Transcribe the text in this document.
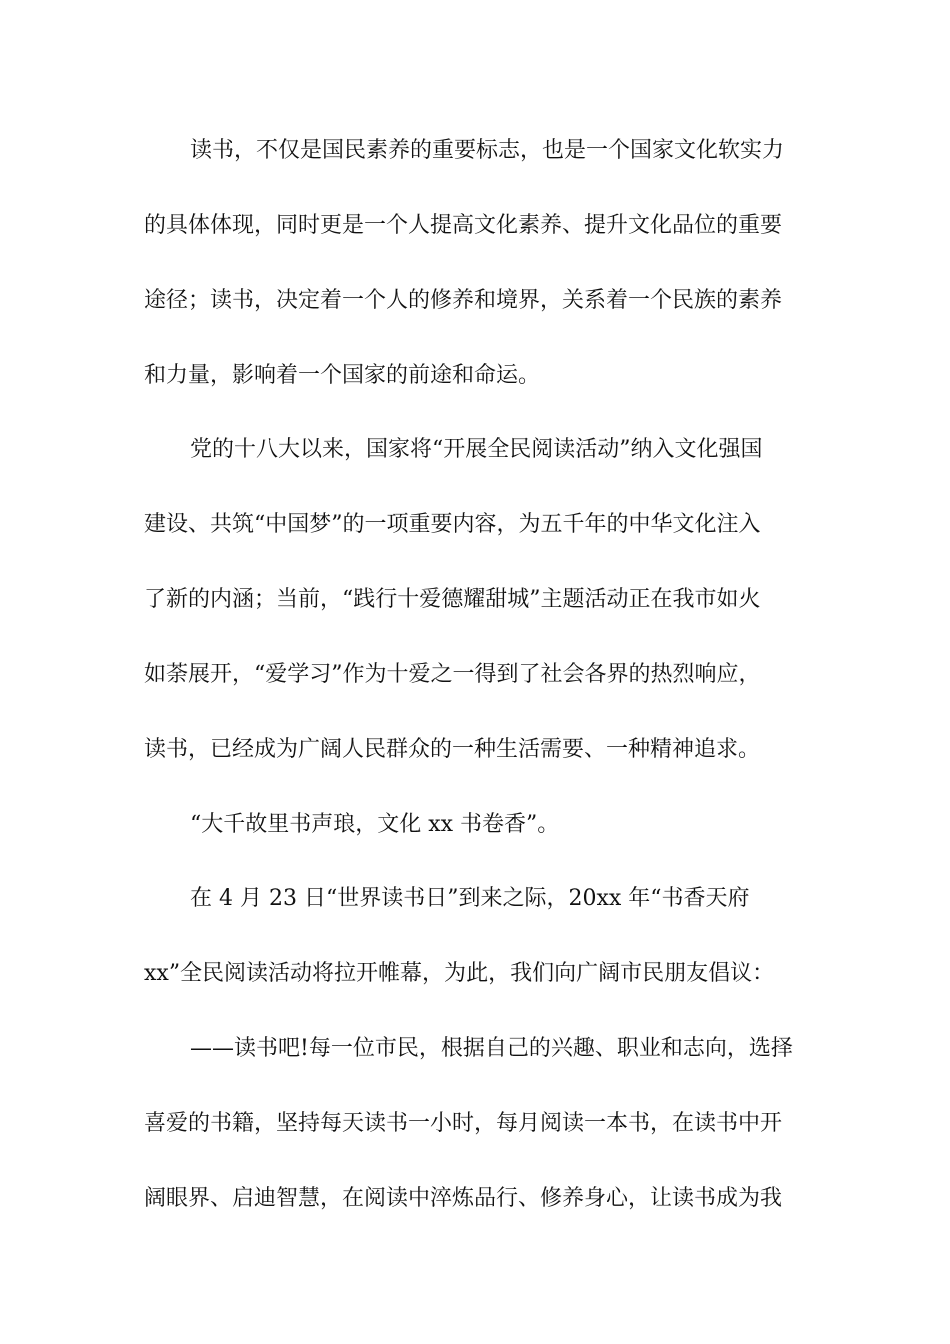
读书，不仅是国民素养的重要标志，也是一个国家文化软实力
的具体体现，同时更是一个人提高文化素养、提升文化品位的重要
途径；读书，决定着一个人的修养和境界，关系着一个民族的素养
和力量，影响着一个国家的前途和命运。
党的十八大以来，国家将“开展全民阅读活动”纳入文化强国
建设、共筑“中国梦”的一项重要内容，为五千年的中华文化注入
了新的内涵；当前，“践行十爱德耀甜城”主题活动正在我市如火
如荼展开，“爱学习”作为十爱之一得到了社会各界的热烈响应，
读书，已经成为广阔人民群众的一种生活需要、一种精神追求。
“大千故里书声琅，文化 xx 书卷香”。
在 4 月 23 日“世界读书日”到来之际，20xx 年“书香天府
xx”全民阅读活动将拉开帷幕，为此，我们向广阔市民朋友倡议：
——读书吧!每一位市民，根据自己的兴趣、职业和志向，选择
喜爱的书籍，坚持每天读书一小时，每月阅读一本书，在读书中开
阔眼界、启迪智慧，在阅读中淬炼品行、修养身心，让读书成为我
